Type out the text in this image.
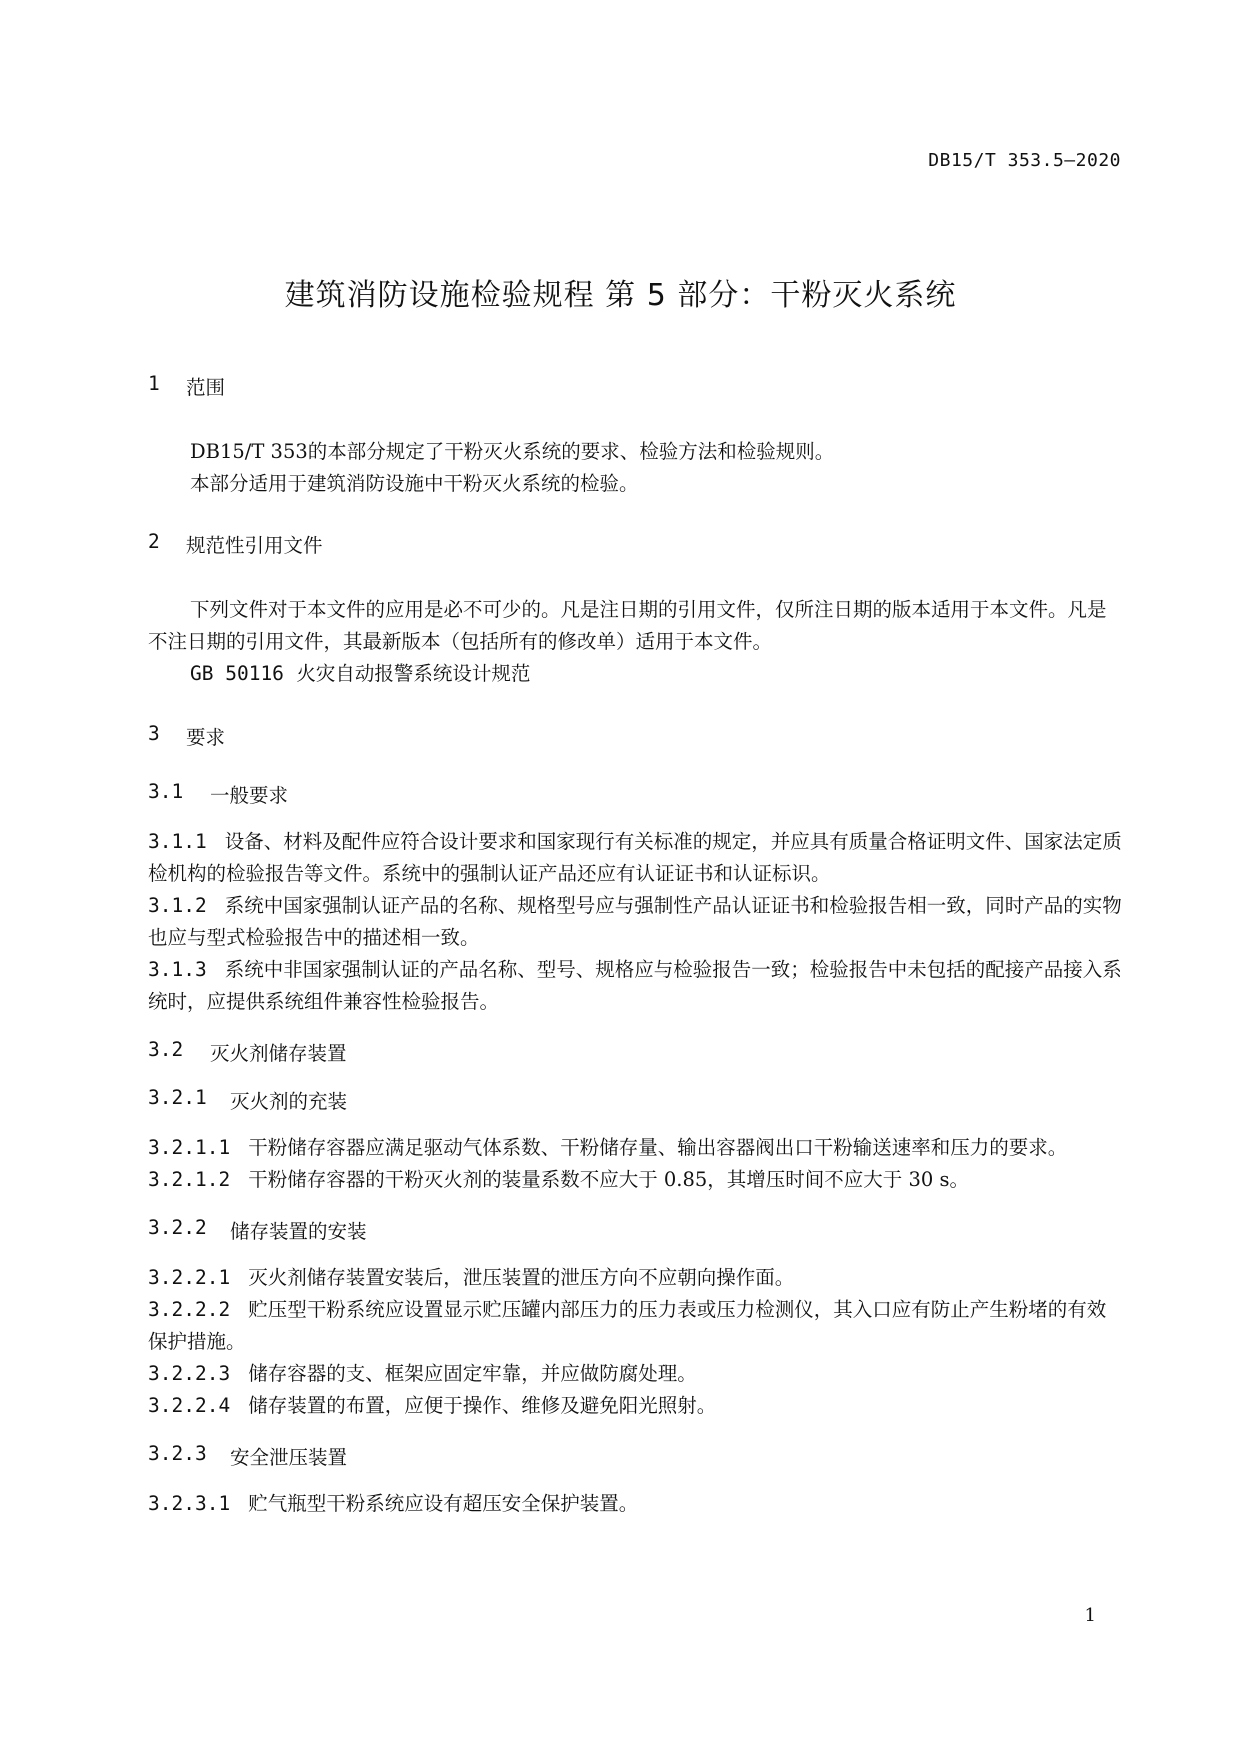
DB15/T 353.5—2020
建筑消防设施检验规程 第 5 部分：干粉灭火系统
1	范围
DB15/T 353的本部分规定了干粉灭火系统的要求、检验方法和检验规则。
本部分适用于建筑消防设施中干粉灭火系统的检验。
2	规范性引用文件
下列文件对于本文件的应用是必不可少的。凡是注日期的引用文件，仅所注日期的版本适用于本文件。凡是不注日期的引用文件，其最新版本（包括所有的修改单）适用于本文件。
GB 50116 火灾自动报警系统设计规范
3	要求
3.1	一般要求
3.1.1 设备、材料及配件应符合设计要求和国家现行有关标准的规定，并应具有质量合格证明文件、国家法定质检机构的检验报告等文件。系统中的强制认证产品还应有认证证书和认证标识。
3.1.2 系统中国家强制认证产品的名称、规格型号应与强制性产品认证证书和检验报告相一致，同时产品的实物也应与型式检验报告中的描述相一致。
3.1.3 系统中非国家强制认证的产品名称、型号、规格应与检验报告一致；检验报告中未包括的配接产品接入系统时，应提供系统组件兼容性检验报告。
3.2	灭火剂储存装置
3.2.1	灭火剂的充装
3.2.1.1 干粉储存容器应满足驱动气体系数、干粉储存量、输出容器阀出口干粉输送速率和压力的要求。
3.2.1.2 干粉储存容器的干粉灭火剂的装量系数不应大于 0.85，其增压时间不应大于 30 s。
3.2.2	储存装置的安装
3.2.2.1 灭火剂储存装置安装后，泄压装置的泄压方向不应朝向操作面。
3.2.2.2 贮压型干粉系统应设置显示贮压罐内部压力的压力表或压力检测仪，其入口应有防止产生粉堵的有效保护措施。
3.2.2.3 储存容器的支、框架应固定牢靠，并应做防腐处理。
3.2.2.4 储存装置的布置，应便于操作、维修及避免阳光照射。
3.2.3	安全泄压装置
3.2.3.1 贮气瓶型干粉系统应设有超压安全保护装置。
1
